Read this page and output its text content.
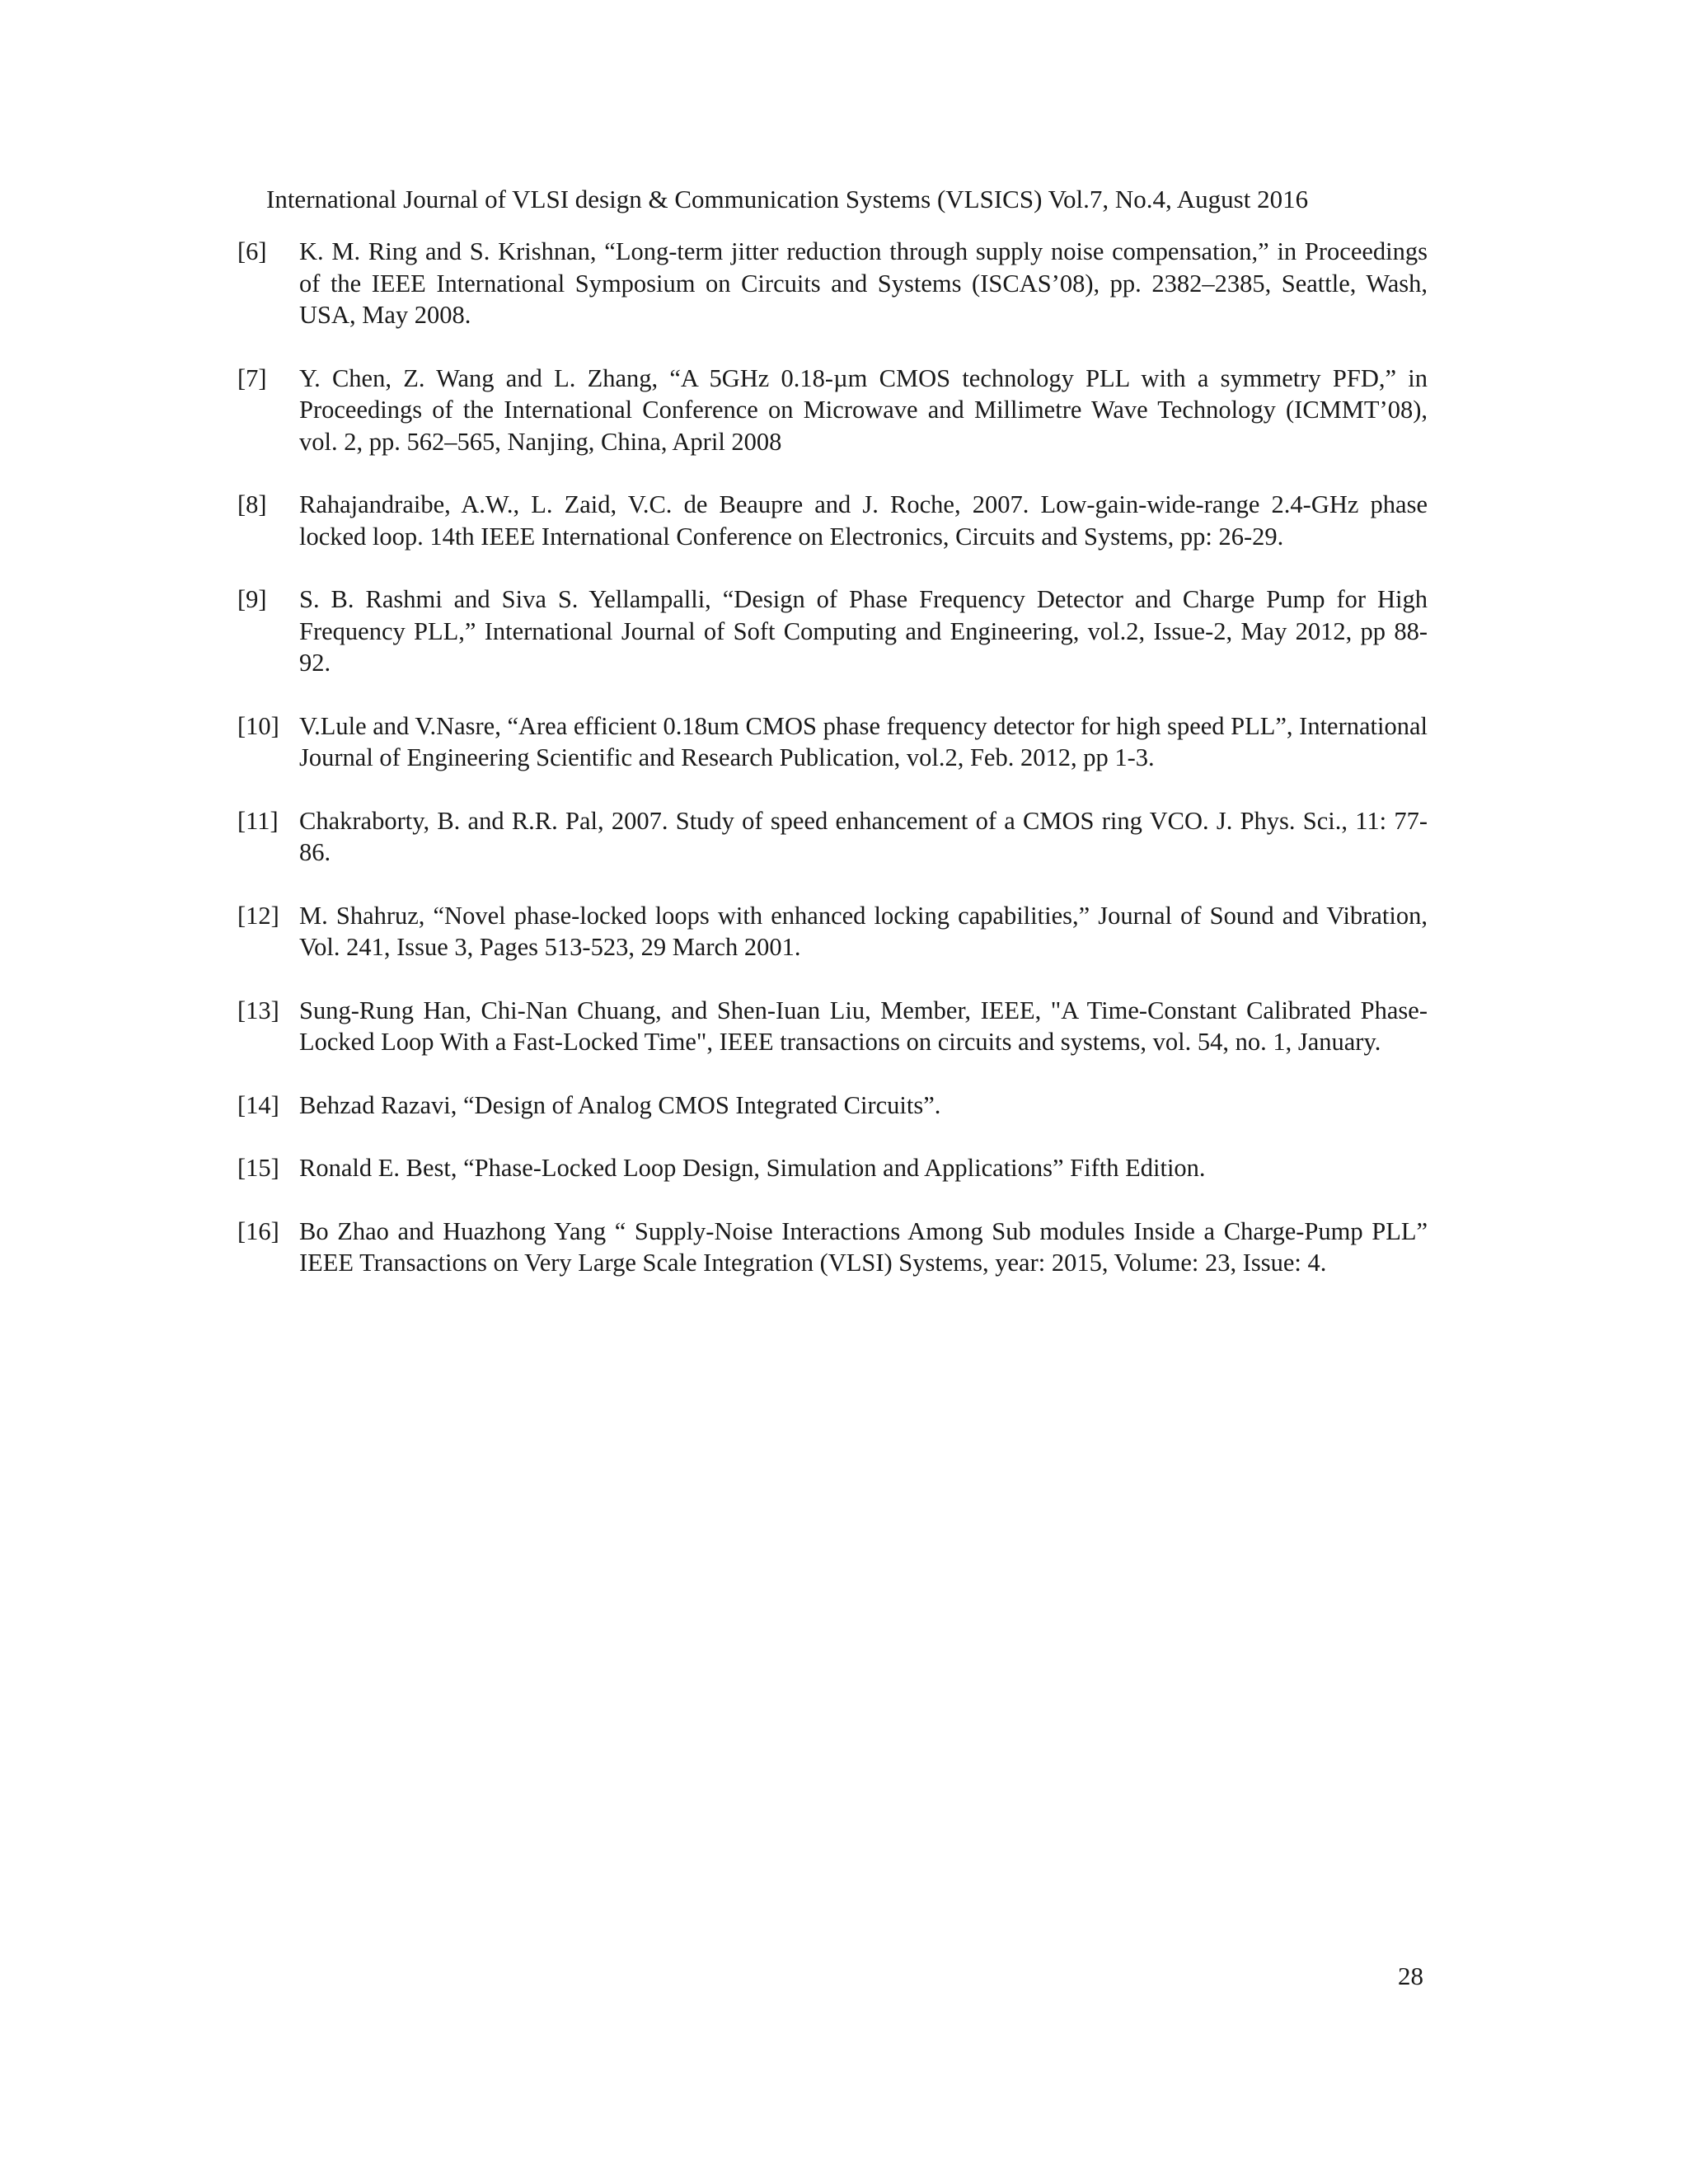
International Journal of VLSI design & Communication Systems (VLSICS) Vol.7, No.4, August 2016
[6]	K. M. Ring and S. Krishnan, “Long-term jitter reduction through supply noise compensation,” in Proceedings of the IEEE International Symposium on Circuits and Systems (ISCAS’08), pp. 2382–2385, Seattle, Wash, USA, May 2008.
[7]	Y. Chen, Z. Wang and L. Zhang, “A 5GHz 0.18-µm CMOS technology PLL with a symmetry PFD,” in Proceedings of the International Conference on Microwave and Millimetre Wave Technology (ICMMT’08), vol. 2, pp. 562–565, Nanjing, China, April 2008
[8]	Rahajandraibe, A.W., L. Zaid, V.C. de Beaupre and J. Roche, 2007. Low-gain-wide-range 2.4-GHz phase locked loop. 14th IEEE International Conference on Electronics, Circuits and Systems, pp: 26-29.
[9]	S. B. Rashmi and Siva S. Yellampalli, “Design of Phase Frequency Detector and Charge Pump for High Frequency PLL,” International Journal of Soft Computing and Engineering, vol.2, Issue-2, May 2012, pp 88-92.
[10] V.Lule and V.Nasre, “Area efficient 0.18um CMOS phase frequency detector for high speed PLL”, International Journal of Engineering Scientific and Research Publication, vol.2, Feb. 2012, pp 1-3.
[11] Chakraborty, B. and R.R. Pal, 2007. Study of speed enhancement of a CMOS ring VCO. J. Phys. Sci., 11: 77-86.
[12] M. Shahruz, “Novel phase-locked loops with enhanced locking capabilities,” Journal of Sound and Vibration, Vol. 241, Issue 3, Pages 513-523, 29 March 2001.
[13] Sung-Rung Han, Chi-Nan Chuang, and Shen-Iuan Liu, Member, IEEE, "A Time-Constant Calibrated Phase-Locked Loop With a Fast-Locked Time", IEEE transactions on circuits and systems, vol. 54, no. 1, January.
[14] Behzad Razavi, “Design of Analog CMOS Integrated Circuits”.
[15] Ronald E. Best, “Phase-Locked Loop Design, Simulation and Applications” Fifth Edition.
[16] Bo Zhao and Huazhong Yang “ Supply-Noise Interactions Among Sub modules Inside a Charge-Pump PLL” IEEE Transactions on Very Large Scale Integration (VLSI) Systems, year: 2015, Volume: 23, Issue: 4.
28
